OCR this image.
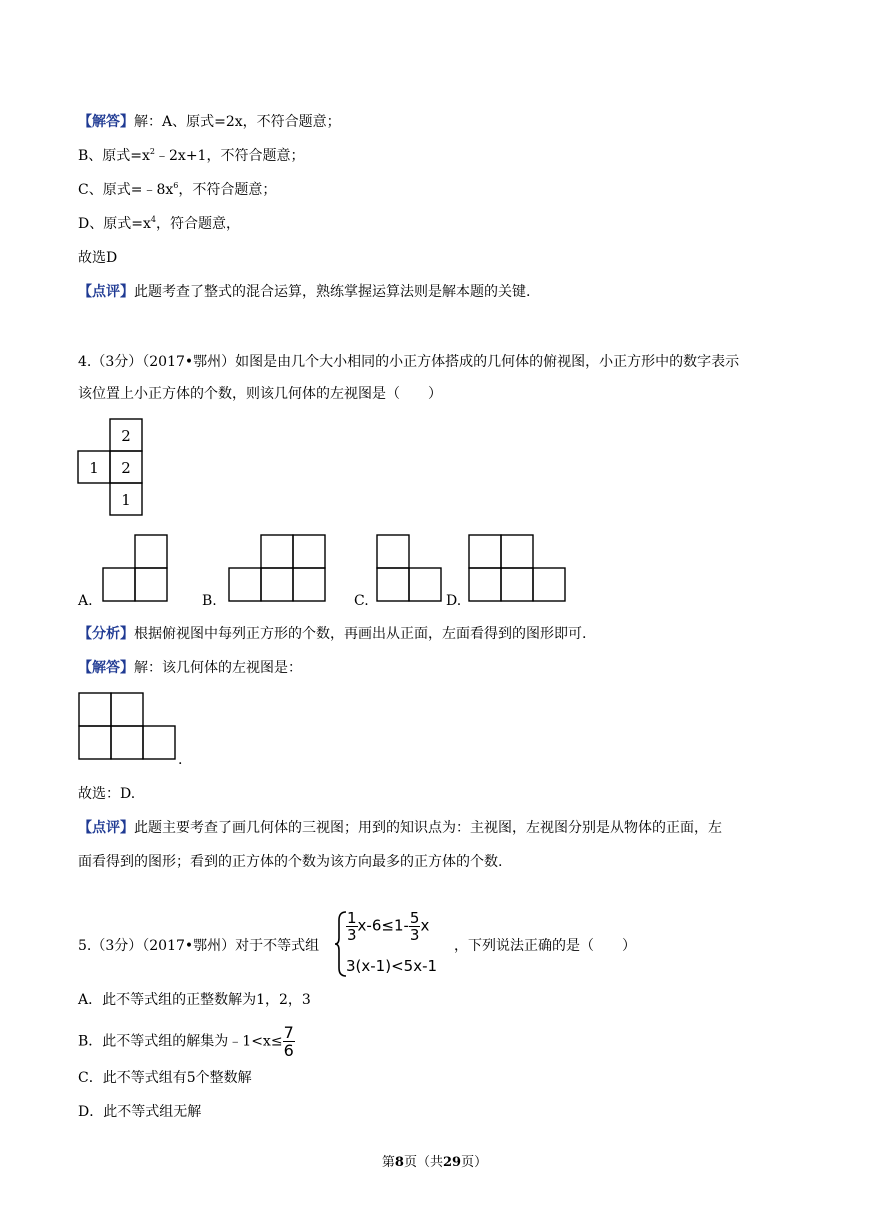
【解答】解：A、原式=2x，不符合题意；
B、原式$=x^2﹣2x+1$，不符合题意；
C、原式$=﹣8x^6$，不符合题意；
D、原式$=x^4$，符合题意，
故选D
【点评】此题考查了整式的混合运算，熟练掌握运算法则是解本题的关键.
4.（3分）（2017•鄂州）如图是由几个大小相同的小正方体搭成的几何体的俯视图，小正方形中的数字表示
该位置上小正方体的个数，则该几何体的左视图是（　　）
2
1 2
1
A.	B.	C.	D.
【分析】根据俯视图中每列正方形的个数，再画出从正面，左面看得到的图形即可.
【解答】解：该几何体的左视图是：
.
故选：D.
【点评】此题主要考查了画几何体的三视图；用到的知识点为：主视图，左视图分别是从物体的正面，左
面看得到的图形；看到的正方体的个数为该方向最多的正方体的个数.
5.（3分）（2017•鄂州）对于不等式组
$\frac{1}{3} x-6\le 1- \frac{5}{3}$ x
3(x-1)<5x-1
，下列说法正确的是（　　）
A．此不等式组的正整数解为1，2，3
B．此不等式组的解集为﹣1<x≤ $\frac{7}{6}$
C．此不等式组有5个整数解
D．此不等式组无解
第8页（共29页）
